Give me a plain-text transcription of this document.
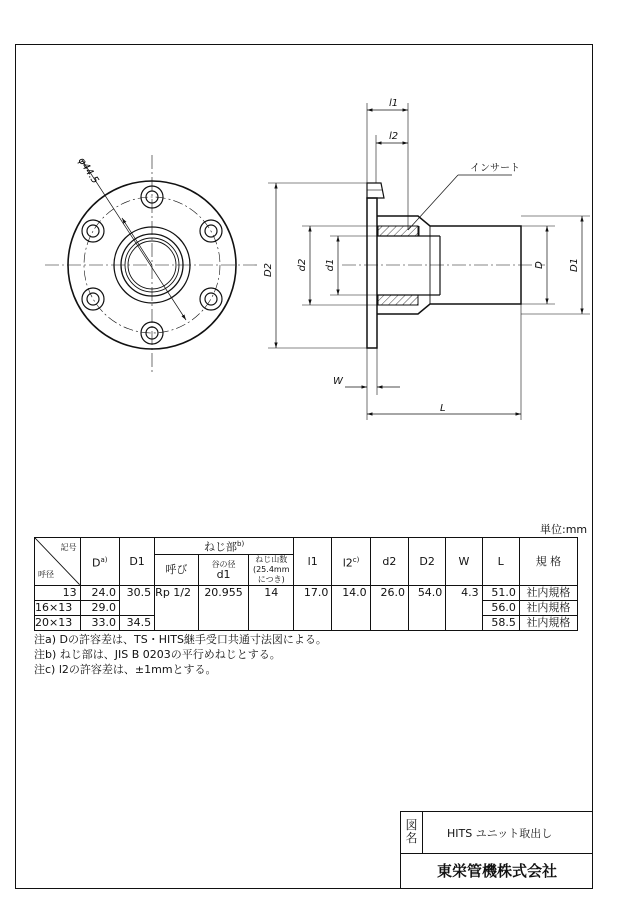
φ44.5
l1
l2
インサート
D2 d2 d1	D D1
W
L
単位:mm
記号
呼径	$D^{a)}$	D1	ねじ部$^{b)}$			l1	l2$^{c)}$	d2	D2	W	L	規 格
			呼び	谷の径
d1	ねじ山数
(25.4mm
につき)							
13	24.0	30.5	Rp 1/2	20.955	14	17.0	14.0	26.0	54.0	4.3	51.0	社内規格
16×13	29.0										56.0	社内規格
20×13	33.0	34.5									58.5	社内規格
注a) Dの許容差は、TS・HITS継手受口共通寸法図による。
注b) ねじ部は、JIS B 0203の平行めねじとする。
注c) l2の許容差は、±1mmとする。
図名	HITS ユニット取出し
東栄管機株式会社
